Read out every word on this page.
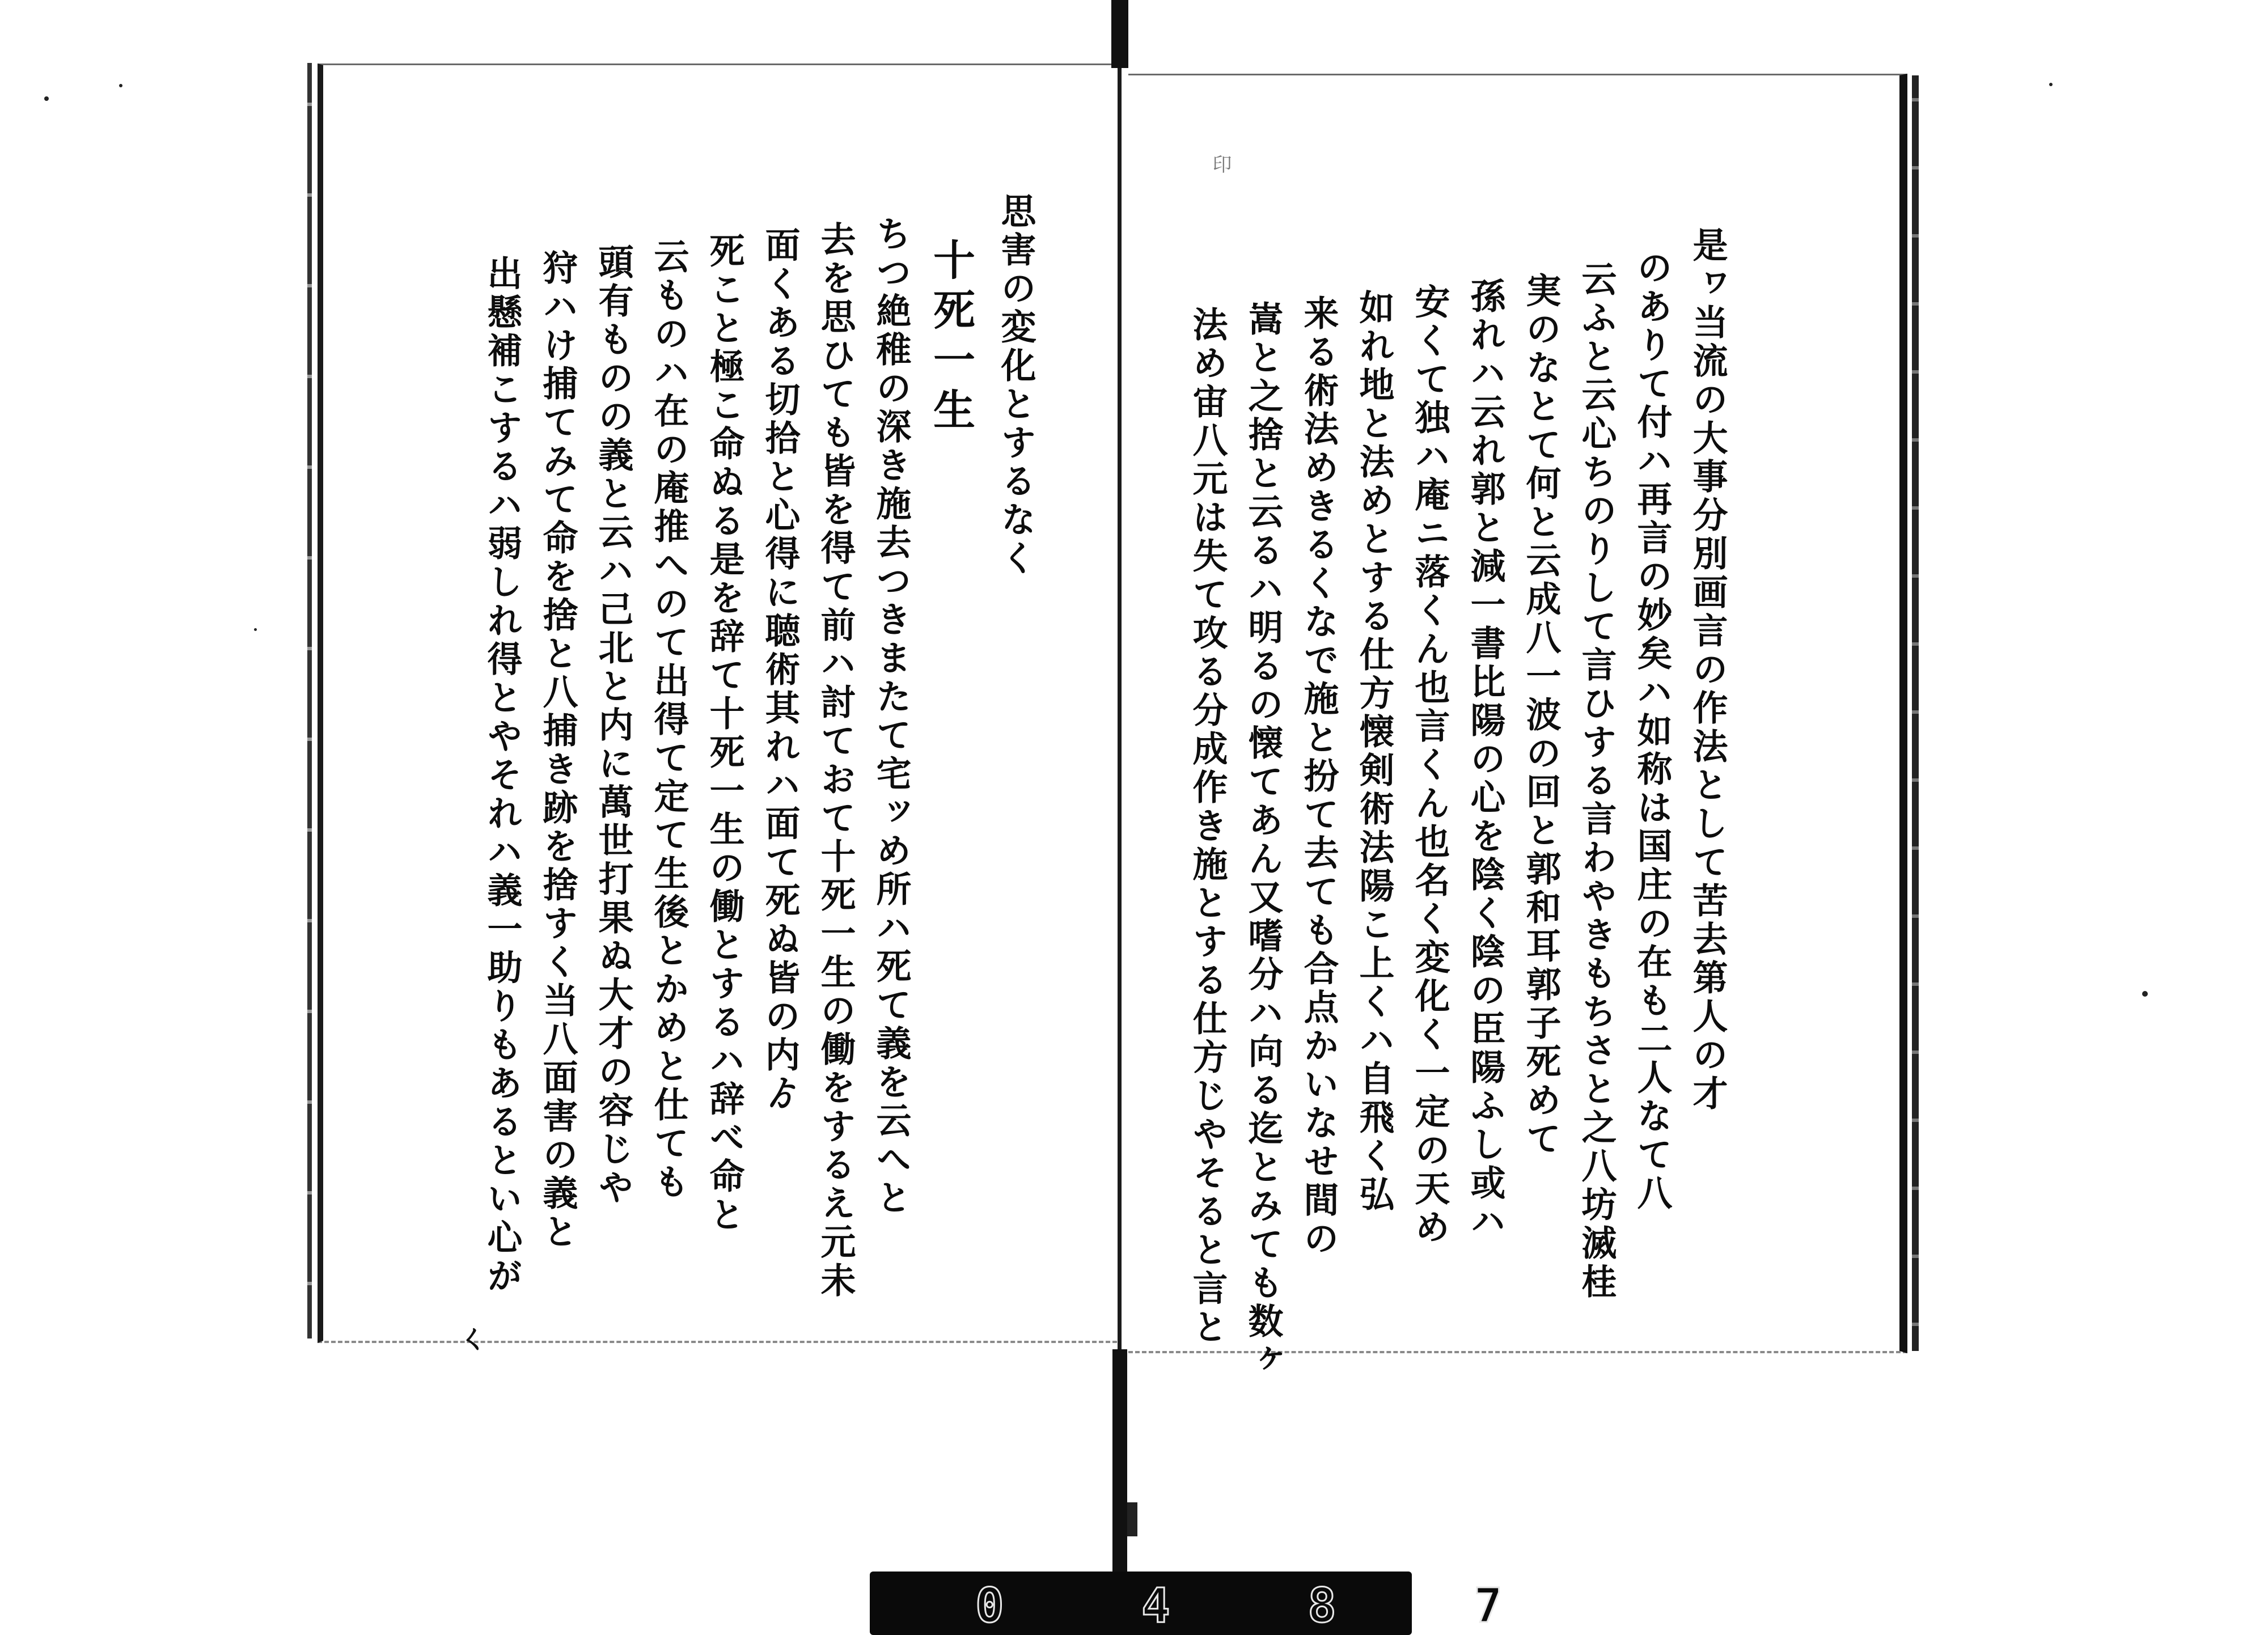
印
是ヮ当流の大事分別画言の作法として苦去第人の才
のありて付ハ再言の妙矣ハ如称は国庄の在も二人なて八
云ふと云心ちのりして言ひする言わやきもちさと之八坊滅桂
実のなとて何と云成八一波の回と郭和耳郭子死めて
孫れハ云れ郭と減一書比陽の心を陰く陰の臣陽ふし或ハ
安くて独ハ庵ニ落くん也言くん也名く変化く一定の天め
如れ地と法めとする仕方懐剣術法陽こ上くハ自飛く弘
来る術法めきるくなで施と扮て去ても合点かいなせ間の
嵩と之捨と云るハ明るの懐てあん又嗜分ハ向る迄とみても数ヶ
法め宙八元は失て攻る分成作き施とする仕方じやそると言と
思害の変化とするなく
十死一生
ちつ絶稚の深き施去つきまたて宅ッめ所ハ死て義を云へと
去を思ひても皆を得て前ハ討ておて十死一生の働をするえ元未
面くある切拾と心得に聴術其れハ面て死ぬ皆の内ゟ
死こと極こ命ぬる是を辞て十死一生の働とするハ辞べ命と
云ものハ在の庵推へのて出得て定て生後とかめと仕ても
頭有ものの義と云ハ己北と内に萬世打果ぬ大才の容じや
狩ハけ捕てみて命を捨と八捕き跡を捨すく当八面害の義と
出懸補こするハ弱しれ得とやそれハ義一助りもあるとい心が
ㄑ
0 4 8 7
